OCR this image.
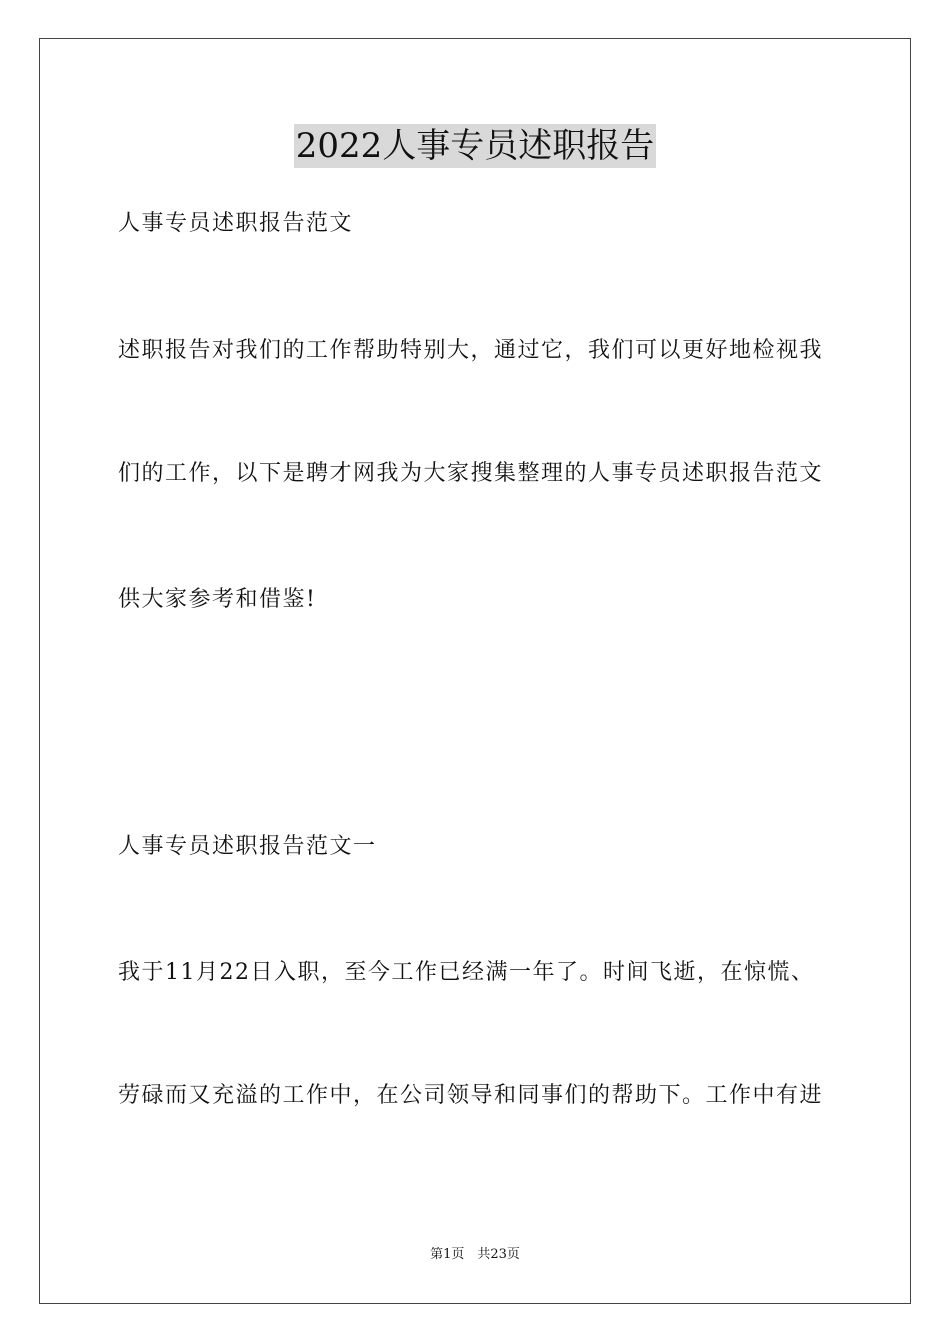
2022人事专员述职报告
人事专员述职报告范文
述职报告对我们的工作帮助特别大，通过它，我们可以更好地检视我
们的工作，以下是聘才网我为大家搜集整理的人事专员述职报告范文
供大家参考和借鉴!
人事专员述职报告范文一
我于11月22日入职，至今工作已经满一年了。时间飞逝，在惊慌、
劳碌而又充溢的工作中，在公司领导和同事们的帮助下。工作中有进
第1页　共23页
